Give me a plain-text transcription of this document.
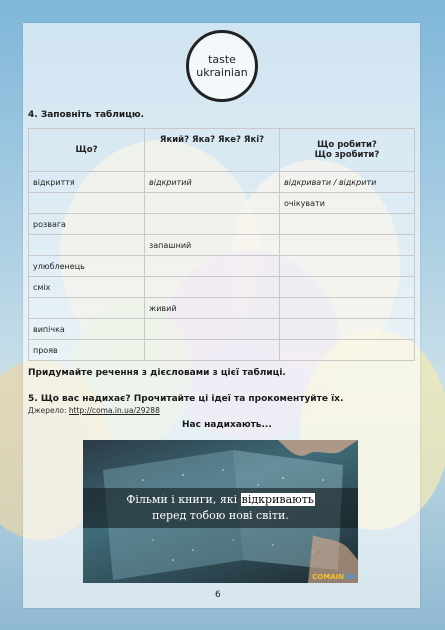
taste
ukrainian
4. Заповніть таблицю.
Що?	Який? Яка? Яке? Які?	Що робити?
Що зробити?

відкриття	відкритий	відкривати / відкрити
		очікувати
розвага		
	запашний	
улюбленець		
сміх		
	живий	
випічка		
прояв		
Придумайте речення з дієсловами з цієї таблиці.
5. Що вас надихає? Прочитайте ці ідеї та прокоментуйте їх.
Джерело: http://coma.in.ua/29288
Нас надихають...
Фільми і книги, які відкривають
перед тобою нові світи.
COMAINUA
6
